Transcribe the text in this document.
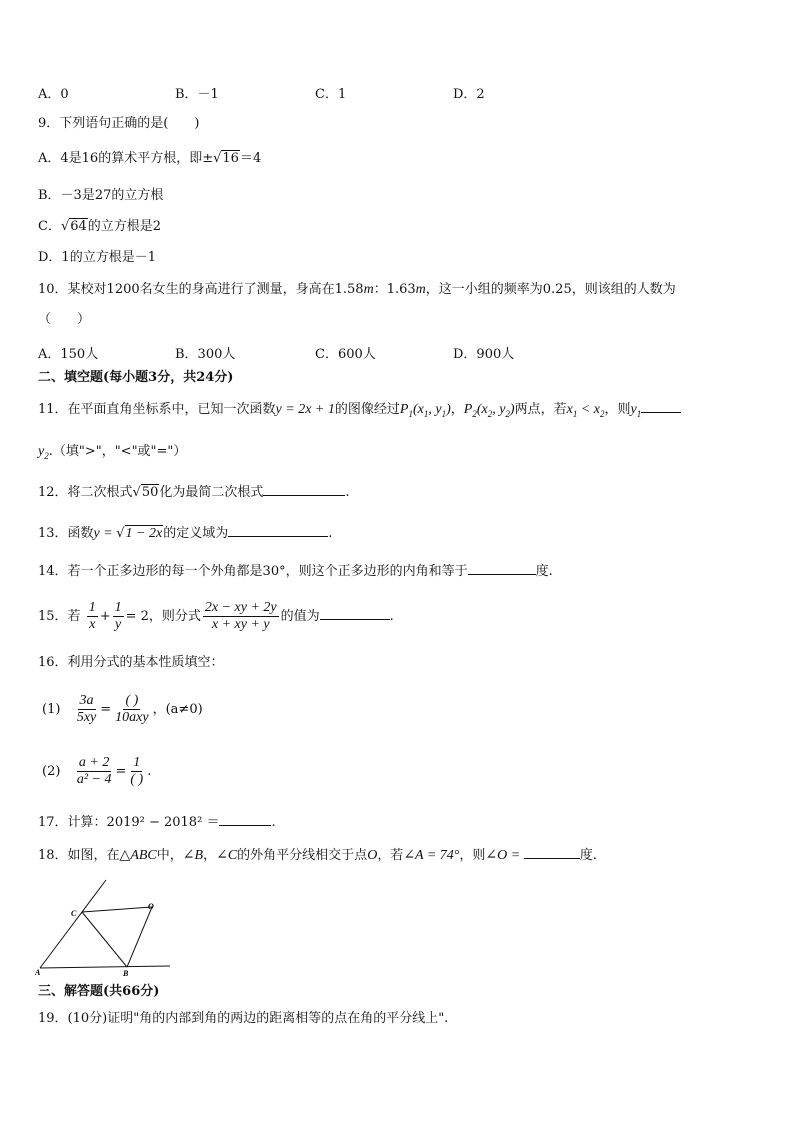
A．0	B．－1	C．1	D．2
9．下列语句正确的是(　　)
A．4是16的算术平方根，即±√16＝4
B．－3是27的立方根
C．√64的立方根是2
D．1的立方根是－1
10．某校对1200名女生的身高进行了测量，身高在1.58m：1.63m，这一小组的频率为0.25，则该组的人数为
（　　）
A．150人	B．300人	C．600人	D．900人
二、填空题(每小题3分，共24分)
11．在平面直角坐标系中，已知一次函数y = 2x + 1的图像经过$P_1(x_1$, $y_1$)，$P_2(x_2$, $y_2$)两点，若$x_1 < x_2$，则$y_1$
$y_2$.（填">"，"<"或"="）
12．将二次根式√50化为最简二次根式	.
13．函数y = √1 − 2x的定义域为	.
14．若一个正多边形的每一个外角都是30°，则这个正多边形的内角和等于	度.
15．若 $\frac{1}{x} + \frac{1}{y} = 2$，则分式 $\frac{2x - xy + 2y}{x + xy + y}$ 的值为	.
16．利用分式的基本性质填空：
$(1) \frac{3a}{5xy} = \frac{( )}{\text{10axy}}$ ，(a≠0)
$(2) \frac{a + 2}{\text{a² − 4}} = \frac{1}{( )}$ .
17．计算：2019² − 2018² ＝	.
18．如图，在△ABC中，∠B，∠C的外角平分线相交于点O，若∠A = 74°，则∠O =	度.
A	B
C
O
三、解答题(共66分)
19．(10分)证明"角的内部到角的两边的距离相等的点在角的平分线上".
